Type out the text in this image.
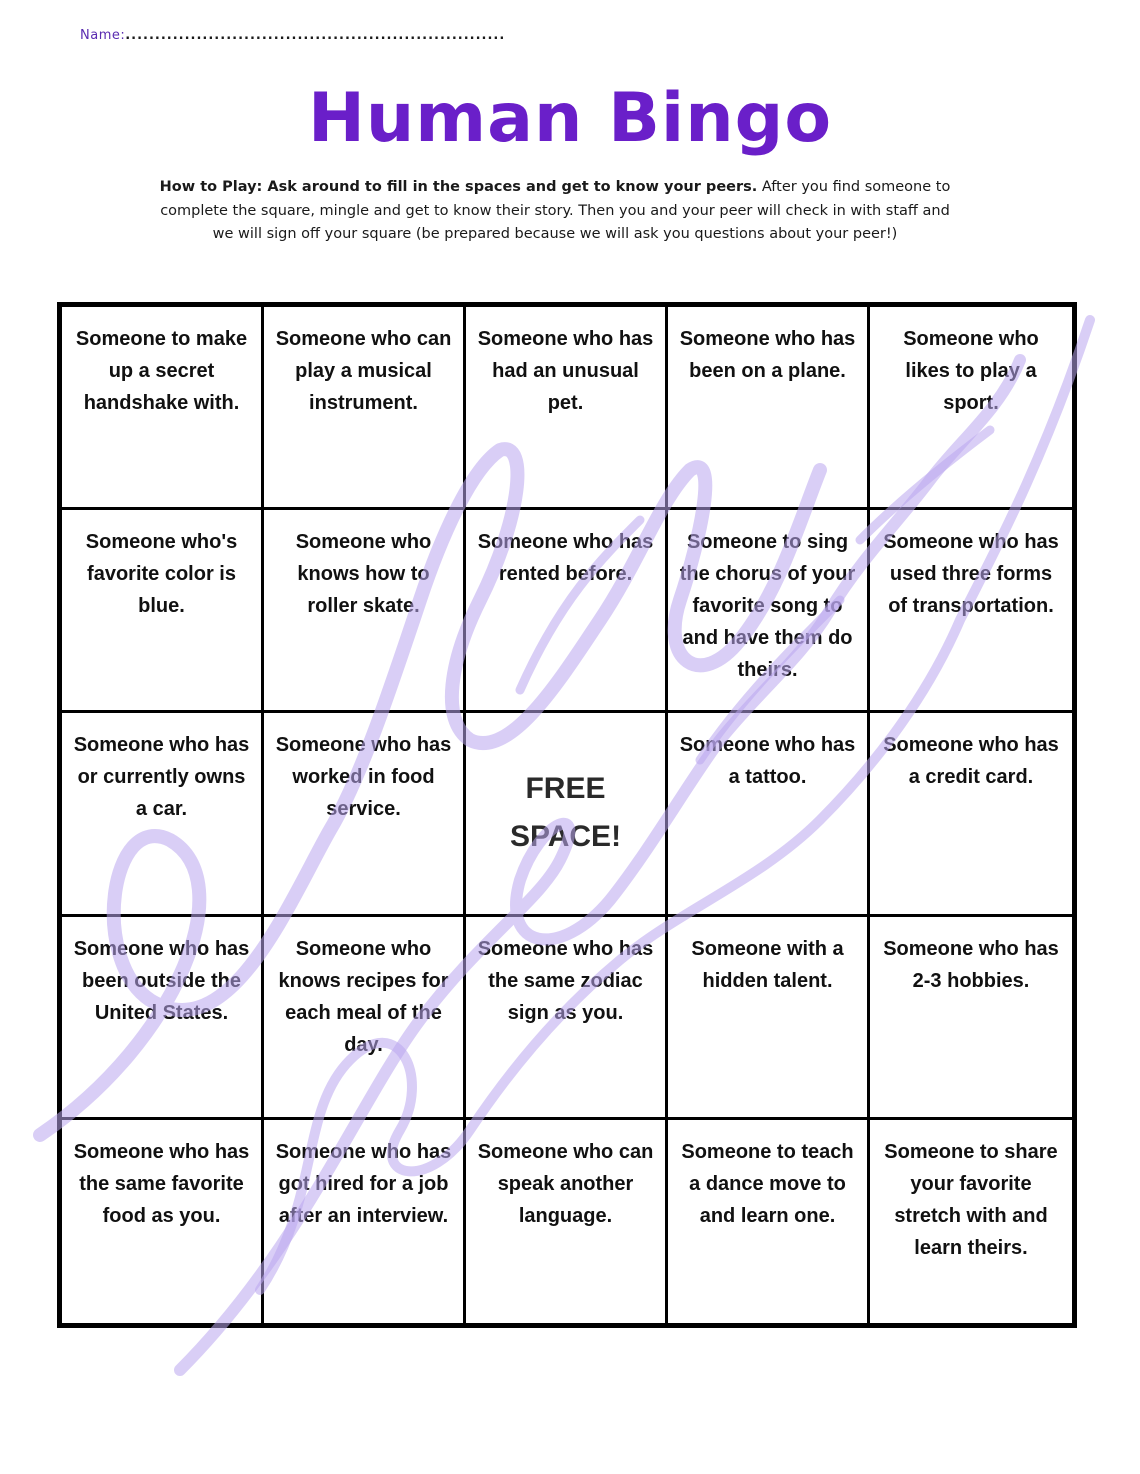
Name:................................................................
Human Bingo

How to Play: Ask around to fill in the spaces and get to know your peers. After you find someone to complete the square, mingle and get to know their story. Then you and your peer will check in with staff and we will sign off your square (be prepared because we will ask you questions about your peer!)

Someone to make up a secret handshake with.
Someone who can play a musical instrument.
Someone who has had an unusual pet.
Someone who has been on a plane.
Someone who likes to play a sport.
Someone who's favorite color is blue.
Someone who knows how to roller skate.
Someone who has rented before.
Someone to sing the chorus of your favorite song to and have them do theirs.
Someone who has used three forms of transportation.
Someone who has or currently owns a car.
Someone who has worked in food service.
FREE SPACE!
Someone who has a tattoo.
Someone who has a credit card.
Someone who has been outside the United States.
Someone who knows recipes for each meal of the day.
Someone who has the same zodiac sign as you.
Someone with a hidden talent.
Someone who has 2-3 hobbies.
Someone who has the same favorite food as you.
Someone who has got hired for a job after an interview.
Someone who can speak another language.
Someone to teach a dance move to and learn one.
Someone to share your favorite stretch with and learn theirs.
